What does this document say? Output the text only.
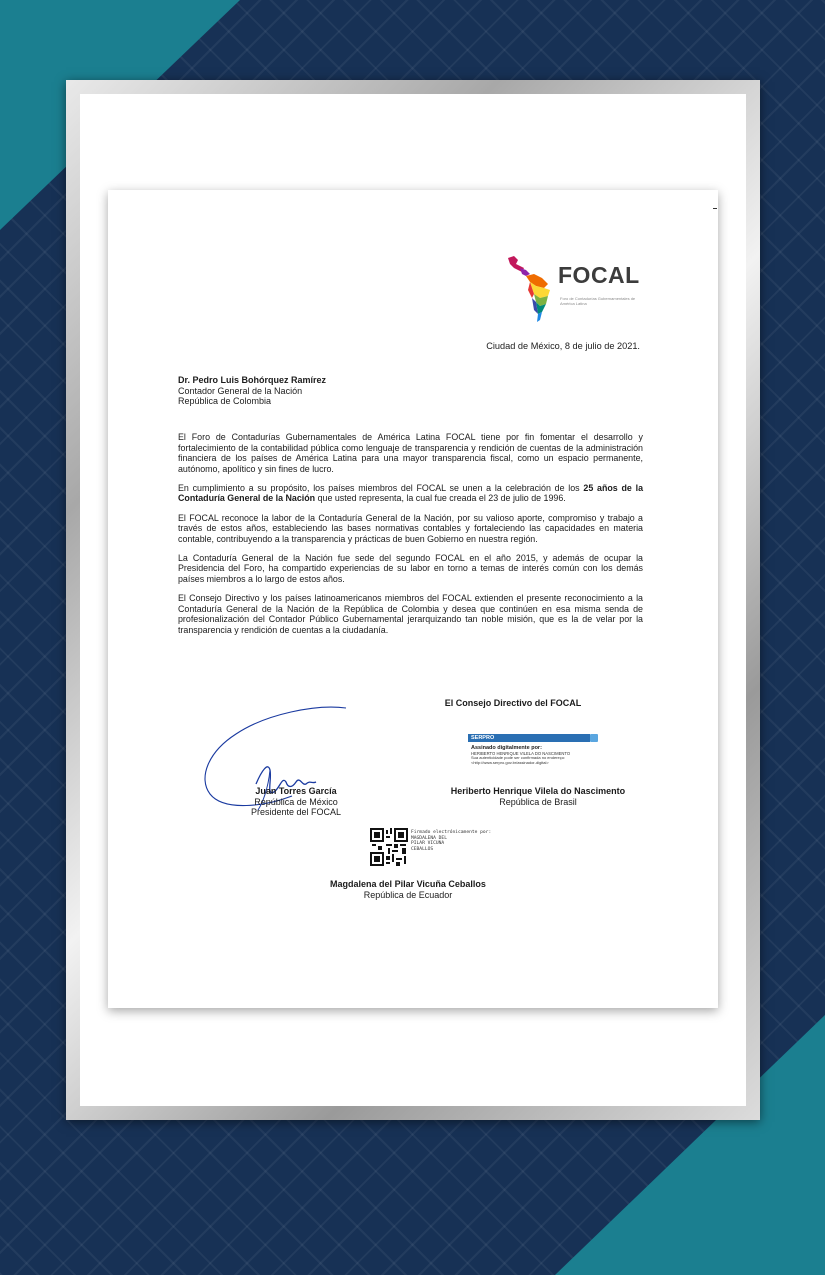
FOCAL
Foro de Contadurías Gubernamentales de América Latina
Ciudad de México, 8 de julio de 2021.
Dr. Pedro Luis Bohórquez Ramírez
Contador General de la Nación
República de Colombia

El Foro de Contadurías Gubernamentales de América Latina FOCAL tiene por fin fomentar el desarrollo y fortalecimiento de la contabilidad pública como lenguaje de transparencia y rendición de cuentas de la administración financiera de los países de América Latina para una mayor transparencia fiscal, como un espacio permanente, autónomo, apolítico y sin fines de lucro.

En cumplimiento a su propósito, los países miembros del FOCAL se unen a la celebración de los 25 años de la Contaduría General de la Nación que usted representa, la cual fue creada el 23 de julio de 1996.

El FOCAL reconoce la labor de la Contaduría General de la Nación, por su valioso aporte, compromiso y trabajo a través de estos años, estableciendo las bases normativas contables y fortaleciendo las capacidades en materia contable, contribuyendo a la transparencia y prácticas de buen Gobierno en nuestra región.

La Contaduría General de la Nación fue sede del segundo FOCAL en el año 2015, y además de ocupar la Presidencia del Foro, ha compartido experiencias de su labor en torno a temas de interés común con los demás países miembros a lo largo de estos años.

El Consejo Directivo y los países latinoamericanos miembros del FOCAL extienden el presente reconocimiento a la Contaduría General de la Nación de la República de Colombia y desea que continúen en esa misma senda de profesionalización del Contador Público Gubernamental jerarquizando tan noble misión, que es la de velar por la transparencia y rendición de cuentas a la ciudadanía.

El Consejo Directivo del FOCAL
Juan Torres García
República de México
Presidente del FOCAL
SERPRO
Assinado digitalmente por:
HERIBERTO HENRIQUE VILELA DO NASCIMENTO
Sua autenticidade pode ser confirmada no endereço: <http://www.serpro.gov.br/assinador-digital>
Heriberto Henrique Vilela do Nascimento
República de Brasil
Firmado electrónicamente por:
MAGDALENA DEL
PILAR VICUNA
CEBALLOS
Magdalena del Pilar Vicuña Ceballos
República de Ecuador
